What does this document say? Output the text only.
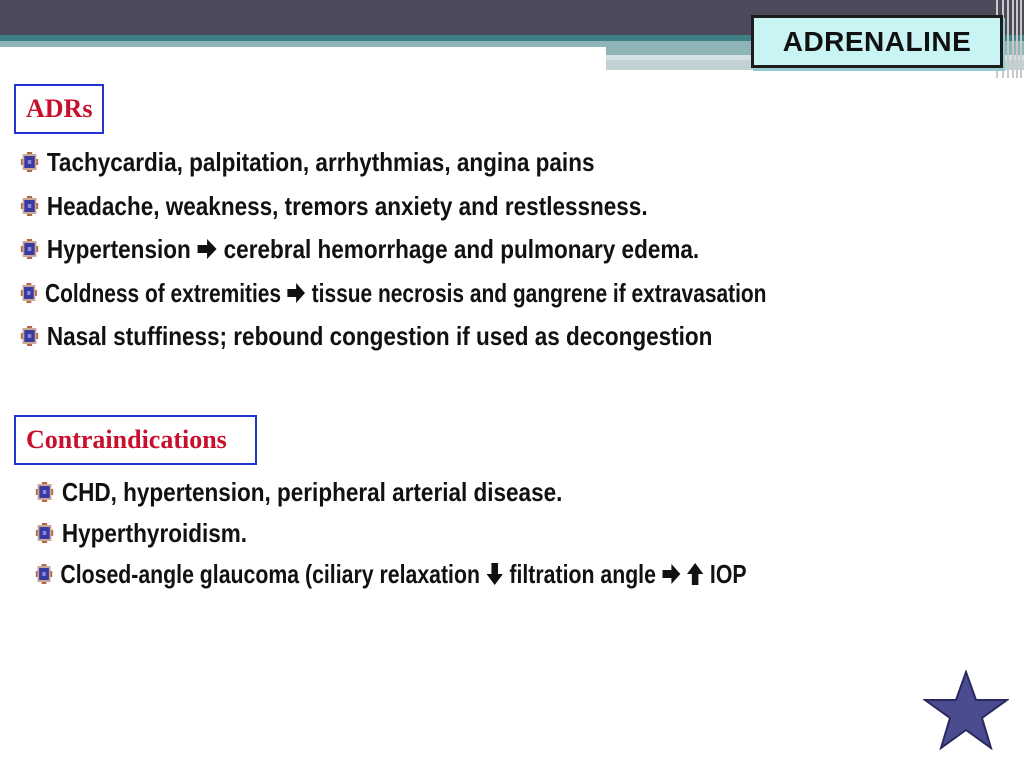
ADRENALINE
ADRs
Tachycardia, palpitation, arrhythmias, angina pains
Headache, weakness, tremors anxiety and restlessness.
Hypertension cerebral hemorrhage and pulmonary edema.
Coldness of extremities tissue necrosis and gangrene if extravasation
Nasal stuffiness; rebound congestion if used as decongestion
Contraindications
CHD, hypertension, peripheral arterial disease.
Hyperthyroidism.
Closed-angle glaucoma (ciliary relaxation filtration angle IOP
